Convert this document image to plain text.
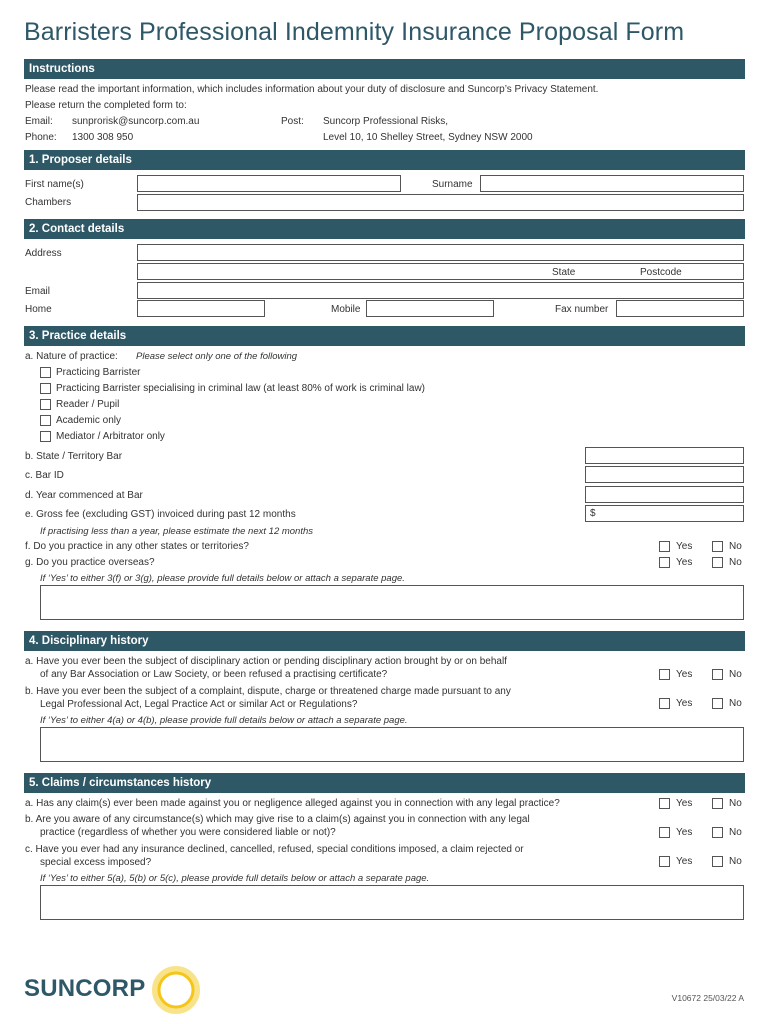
Barristers Professional Indemnity Insurance Proposal Form
Instructions
Please read the important information, which includes information about your duty of disclosure and Suncorp’s Privacy Statement.
Please return the completed form to:
Email: sunprorisk@suncorp.com.au
Phone: 1300 308 950
Post: Suncorp Professional Risks,
Level 10, 10 Shelley Street, Sydney NSW 2000
1. Proposer details
First name(s)	Surname
Chambers
2. Contact details
Address
State	Postcode
Email
Home	Mobile	Fax number
3. Practice details
a. Nature of practice: Please select only one of the following
Practicing Barrister
Practicing Barrister specialising in criminal law (at least 80% of work is criminal law)
Reader / Pupil
Academic only
Mediator / Arbitrator only
b. State / Territory Bar
c. Bar ID
d. Year commenced at Bar
e. Gross fee (excluding GST) invoiced during past 12 months	$
If practising less than a year, please estimate the next 12 months
f. Do you practice in any other states or territories?	Yes	No
g. Do you practice overseas?	Yes	No
If ‘Yes’ to either 3(f) or 3(g), please provide full details below or attach a separate page.
4. Disciplinary history
a. Have you ever been the subject of disciplinary action or pending disciplinary action brought by or on behalf
of any Bar Association or Law Society, or been refused a practising certificate?	Yes	No
b. Have you ever been the subject of a complaint, dispute, charge or threatened charge made pursuant to any
Legal Professional Act, Legal Practice Act or similar Act or Regulations?	Yes	No
If ‘Yes’ to either 4(a) or 4(b), please provide full details below or attach a separate page.
5. Claims / circumstances history
a. Has any claim(s) ever been made against you or negligence alleged against you in connection with any legal practice?	Yes	No
b. Are you aware of any circumstance(s) which may give rise to a claim(s) against you in connection with any legal
practice (regardless of whether you were considered liable or not)?	Yes	No
c. Have you ever had any insurance declined, cancelled, refused, special conditions imposed, a claim rejected or
special excess imposed?	Yes	No
If ‘Yes’ to either 5(a), 5(b) or 5(c), please provide full details below or attach a separate page.
SUNCORP	V10672 25/03/22 A
